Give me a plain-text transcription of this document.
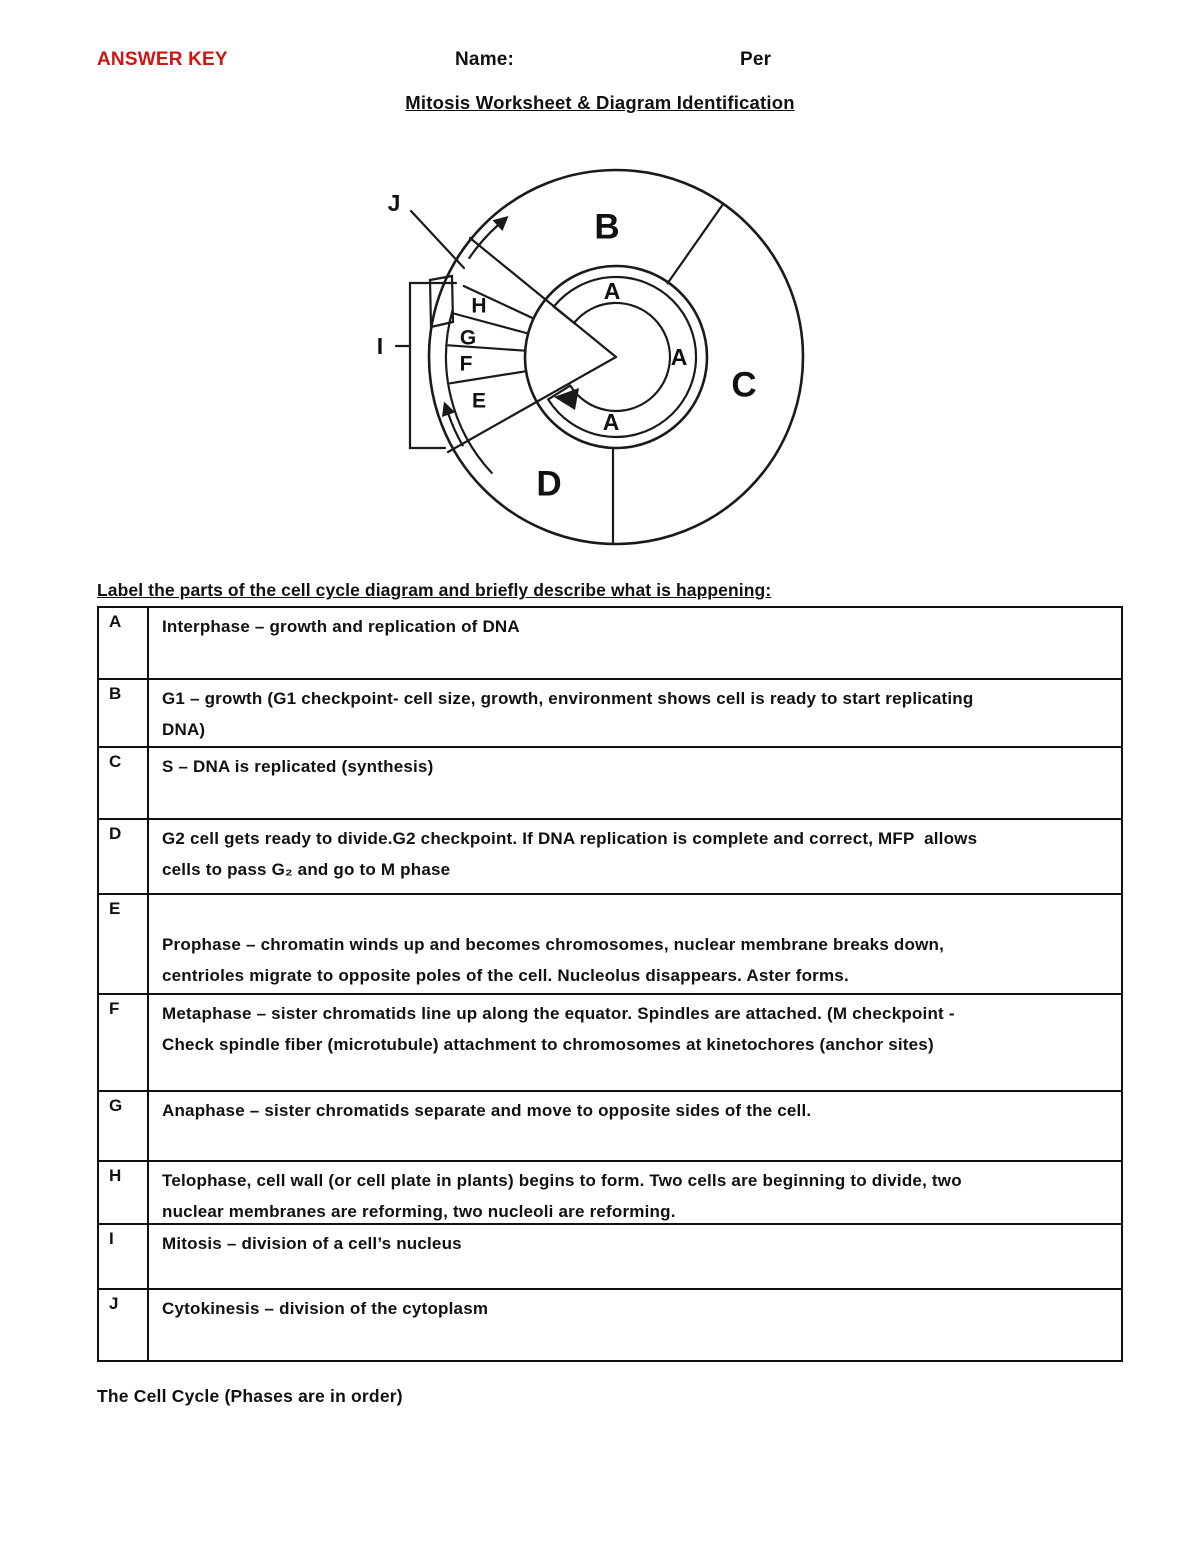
ANSWER KEY	Name:	Per
Mitosis Worksheet & Diagram Identification
B
C
D
A
A
A
E
F
G
H
I
J
Label the parts of the cell cycle diagram and briefly describe what is happening:
A	Interphase – growth and replication of DNA
B	G1 – growth (G1 checkpoint- cell size, growth, environment shows cell is ready to start replicating
DNA)
C	S – DNA is replicated (synthesis)
D	G2 cell gets ready to divide.G2 checkpoint. If DNA replication is complete and correct, MFP  allows
cells to pass G₂ and go to M phase
E
Prophase – chromatin winds up and becomes chromosomes, nuclear membrane breaks down,
centrioles migrate to opposite poles of the cell. Nucleolus disappears. Aster forms.
F	Metaphase – sister chromatids line up along the equator. Spindles are attached. (M checkpoint -
Check spindle fiber (microtubule) attachment to chromosomes at kinetochores (anchor sites)
G	Anaphase – sister chromatids separate and move to opposite sides of the cell.
H	Telophase, cell wall (or cell plate in plants) begins to form. Two cells are beginning to divide, two
nuclear membranes are reforming, two nucleoli are reforming.
I	Mitosis – division of a cell’s nucleus
J	Cytokinesis – division of the cytoplasm
The Cell Cycle (Phases are in order)
